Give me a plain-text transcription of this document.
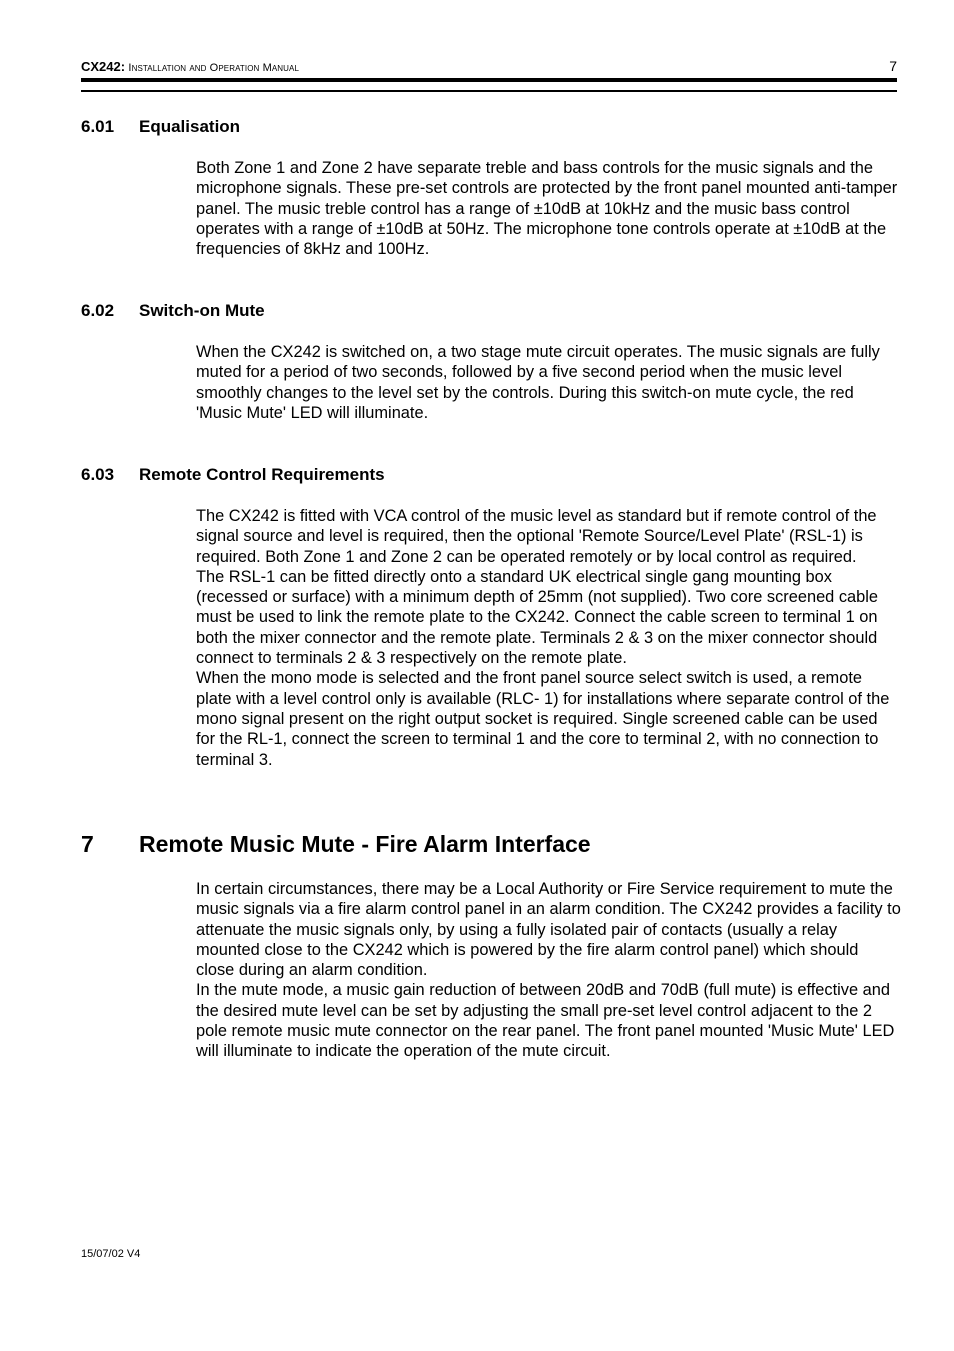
CX242: Installation and Operation Manual	7
6.01 Equalisation

Both Zone 1 and Zone 2 have separate treble and bass controls for the music signals and the microphone signals. These pre-set controls are protected by the front panel mounted anti-tamper panel. The music treble control has a range of ±10dB at 10kHz and the music bass control operates with a range of ±10dB at 50Hz. The microphone tone controls operate at ±10dB at the frequencies of 8kHz and 100Hz.

6.02 Switch-on Mute

When the CX242 is switched on, a two stage mute circuit operates. The music signals are fully muted for a period of two seconds, followed by a five second period when the music level smoothly changes to the level set by the controls. During this switch-on mute cycle, the red 'Music Mute' LED will illuminate.

6.03 Remote Control Requirements

The CX242 is fitted with VCA control of the music level as standard but if remote control of the signal source and level is required, then the optional 'Remote Source/Level Plate' (RSL-1) is required. Both Zone 1 and Zone 2 can be operated remotely or by local control as required.

The RSL-1 can be fitted directly onto a standard UK electrical single gang mounting box (recessed or surface) with a minimum depth of 25mm (not supplied). Two core screened cable must be used to link the remote plate to the CX242. Connect the cable screen to terminal 1 on both the mixer connector and the remote plate. Terminals 2 & 3 on the mixer connector should connect to terminals 2 & 3 respectively on the remote plate.

When the mono mode is selected and the front panel source select switch is used, a remote plate with a level control only is available (RLC- 1) for installations where separate control of the mono signal present on the right output socket is required. Single screened cable can be used for the RL-1, connect the screen to terminal 1 and the core to terminal 2, with no connection to terminal 3.

7 Remote Music Mute - Fire Alarm Interface

In certain circumstances, there may be a Local Authority or Fire Service requirement to mute the music signals via a fire alarm control panel in an alarm condition. The CX242 provides a facility to attenuate the music signals only, by using a fully isolated pair of contacts (usually a relay mounted close to the CX242 which is powered by the fire alarm control panel) which should close during an alarm condition.

In the mute mode, a music gain reduction of between 20dB and 70dB (full mute) is effective and the desired mute level can be set by adjusting the small pre-set level control adjacent to the 2 pole remote music mute connector on the rear panel. The front panel mounted 'Music Mute' LED will illuminate to indicate the operation of the mute circuit.

15/07/02 V4
